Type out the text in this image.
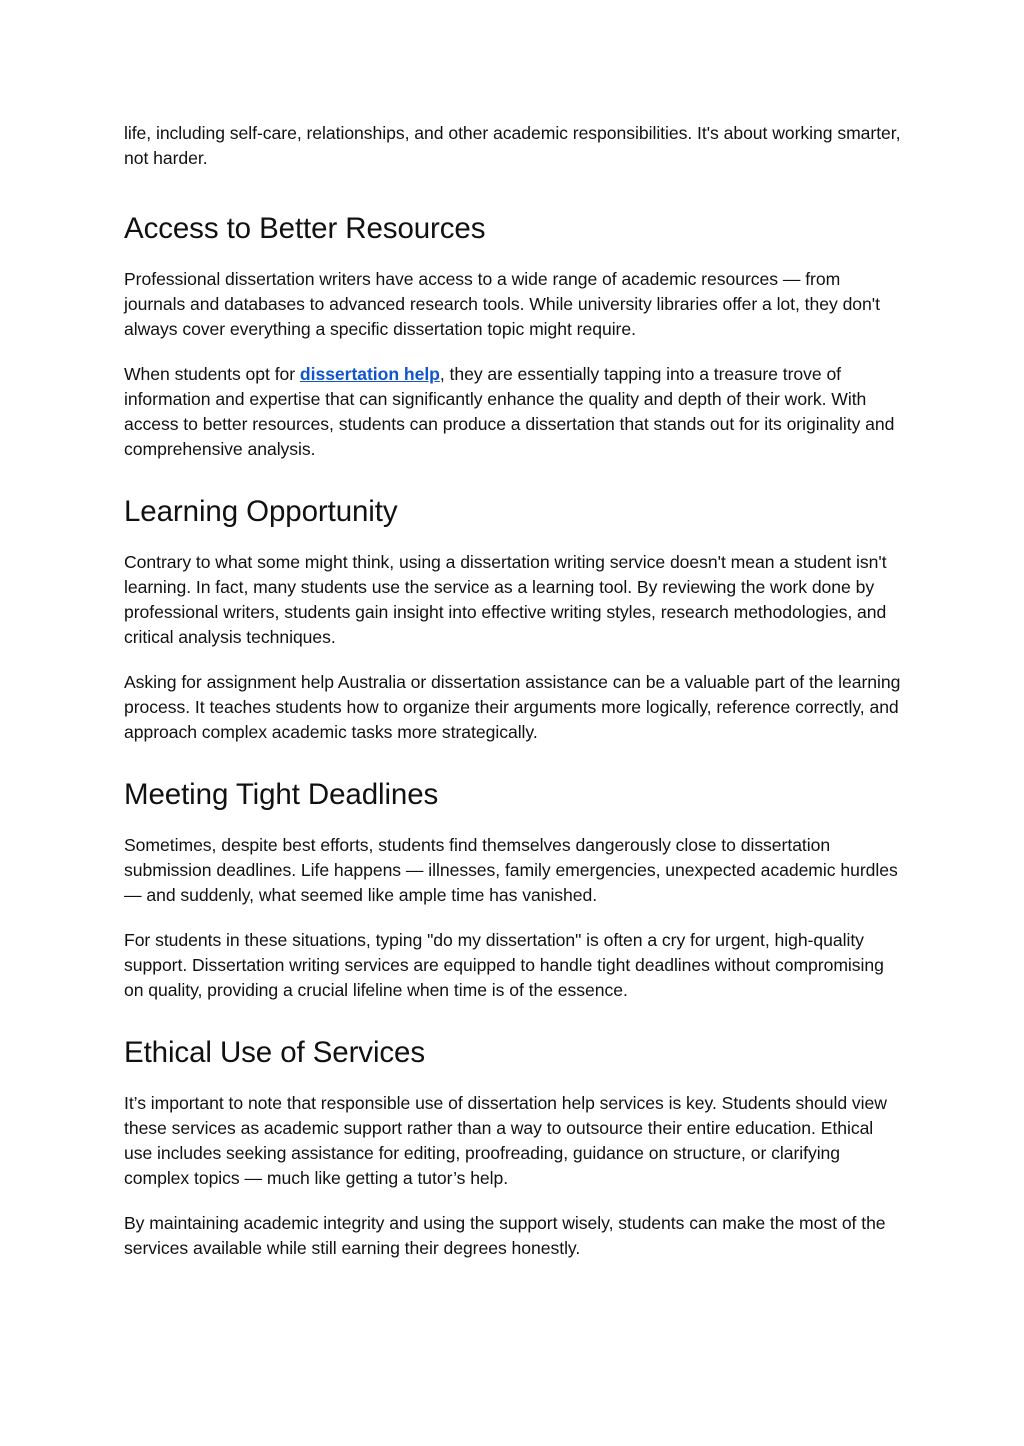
life, including self-care, relationships, and other academic responsibilities. It's about working smarter, not harder.

Access to Better Resources

Professional dissertation writers have access to a wide range of academic resources — from journals and databases to advanced research tools. While university libraries offer a lot, they don't always cover everything a specific dissertation topic might require.

When students opt for dissertation help, they are essentially tapping into a treasure trove of information and expertise that can significantly enhance the quality and depth of their work. With access to better resources, students can produce a dissertation that stands out for its originality and comprehensive analysis.

Learning Opportunity

Contrary to what some might think, using a dissertation writing service doesn't mean a student isn't learning. In fact, many students use the service as a learning tool. By reviewing the work done by professional writers, students gain insight into effective writing styles, research methodologies, and critical analysis techniques.

Asking for assignment help Australia or dissertation assistance can be a valuable part of the learning process. It teaches students how to organize their arguments more logically, reference correctly, and approach complex academic tasks more strategically.

Meeting Tight Deadlines

Sometimes, despite best efforts, students find themselves dangerously close to dissertation submission deadlines. Life happens — illnesses, family emergencies, unexpected academic hurdles — and suddenly, what seemed like ample time has vanished.

For students in these situations, typing "do my dissertation" is often a cry for urgent, high-quality support. Dissertation writing services are equipped to handle tight deadlines without compromising on quality, providing a crucial lifeline when time is of the essence.

Ethical Use of Services

It’s important to note that responsible use of dissertation help services is key. Students should view these services as academic support rather than a way to outsource their entire education. Ethical use includes seeking assistance for editing, proofreading, guidance on structure, or clarifying complex topics — much like getting a tutor’s help.

By maintaining academic integrity and using the support wisely, students can make the most of the services available while still earning their degrees honestly.
